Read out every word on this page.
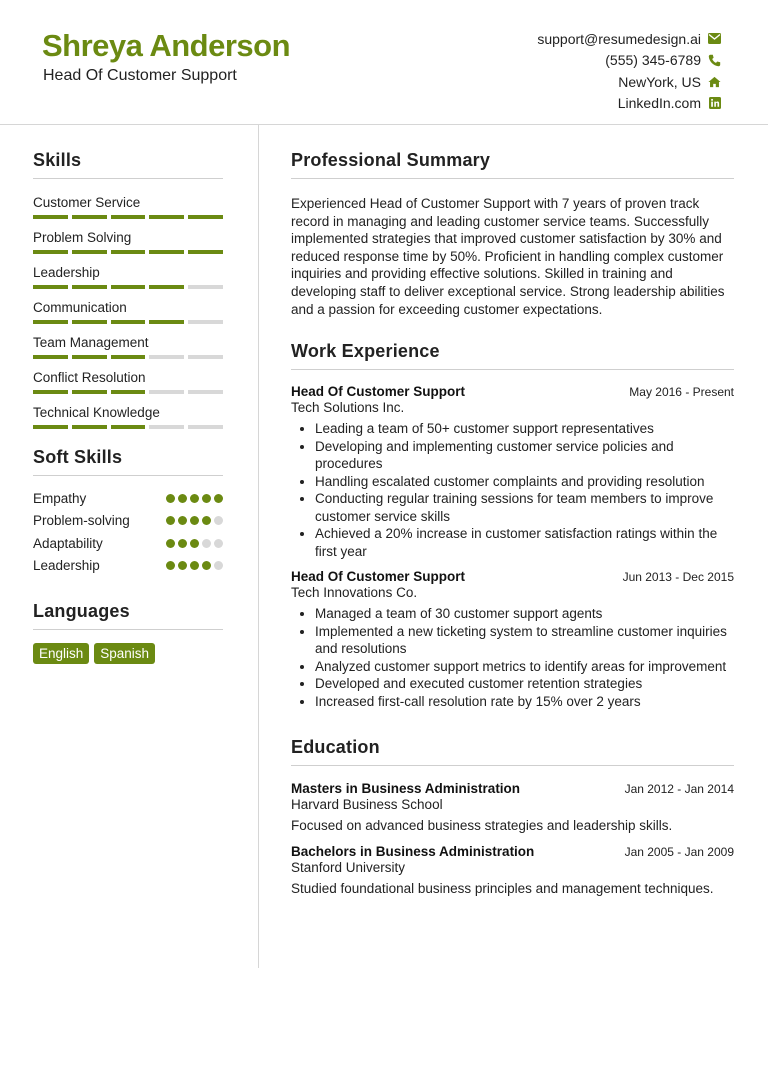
Shreya Anderson
Head Of Customer Support
support@resumedesign.ai
(555) 345-6789
NewYork, US
LinkedIn.com
Skills
Customer Service
Problem Solving
Leadership
Communication
Team Management
Conflict Resolution
Technical Knowledge
Soft Skills
Empathy
Problem-solving
Adaptability
Leadership
Languages
English	Spanish
Professional Summary

Experienced Head of Customer Support with 7 years of proven track record in managing and leading customer service teams. Successfully implemented strategies that improved customer satisfaction by 30% and reduced response time by 50%. Proficient in handling complex customer inquiries and providing effective solutions. Skilled in training and developing staff to deliver exceptional service. Strong leadership abilities and a passion for exceeding customer expectations.

Work Experience
Head Of Customer Support	May 2016 - Present
Tech Solutions Inc.
• Leading a team of 50+ customer support representatives
• Developing and implementing customer service policies and procedures
• Handling escalated customer complaints and providing resolution
• Conducting regular training sessions for team members to improve customer service skills
• Achieved a 20% increase in customer satisfaction ratings within the first year
Head Of Customer Support	Jun 2013 - Dec 2015
Tech Innovations Co.
• Managed a team of 30 customer support agents
• Implemented a new ticketing system to streamline customer inquiries and resolutions
• Analyzed customer support metrics to identify areas for improvement
• Developed and executed customer retention strategies
• Increased first-call resolution rate by 15% over 2 years
Education
Masters in Business Administration	Jan 2012 - Jan 2014
Harvard Business School

Focused on advanced business strategies and leadership skills.

Bachelors in Business Administration	Jan 2005 - Jan 2009
Stanford University

Studied foundational business principles and management techniques.
